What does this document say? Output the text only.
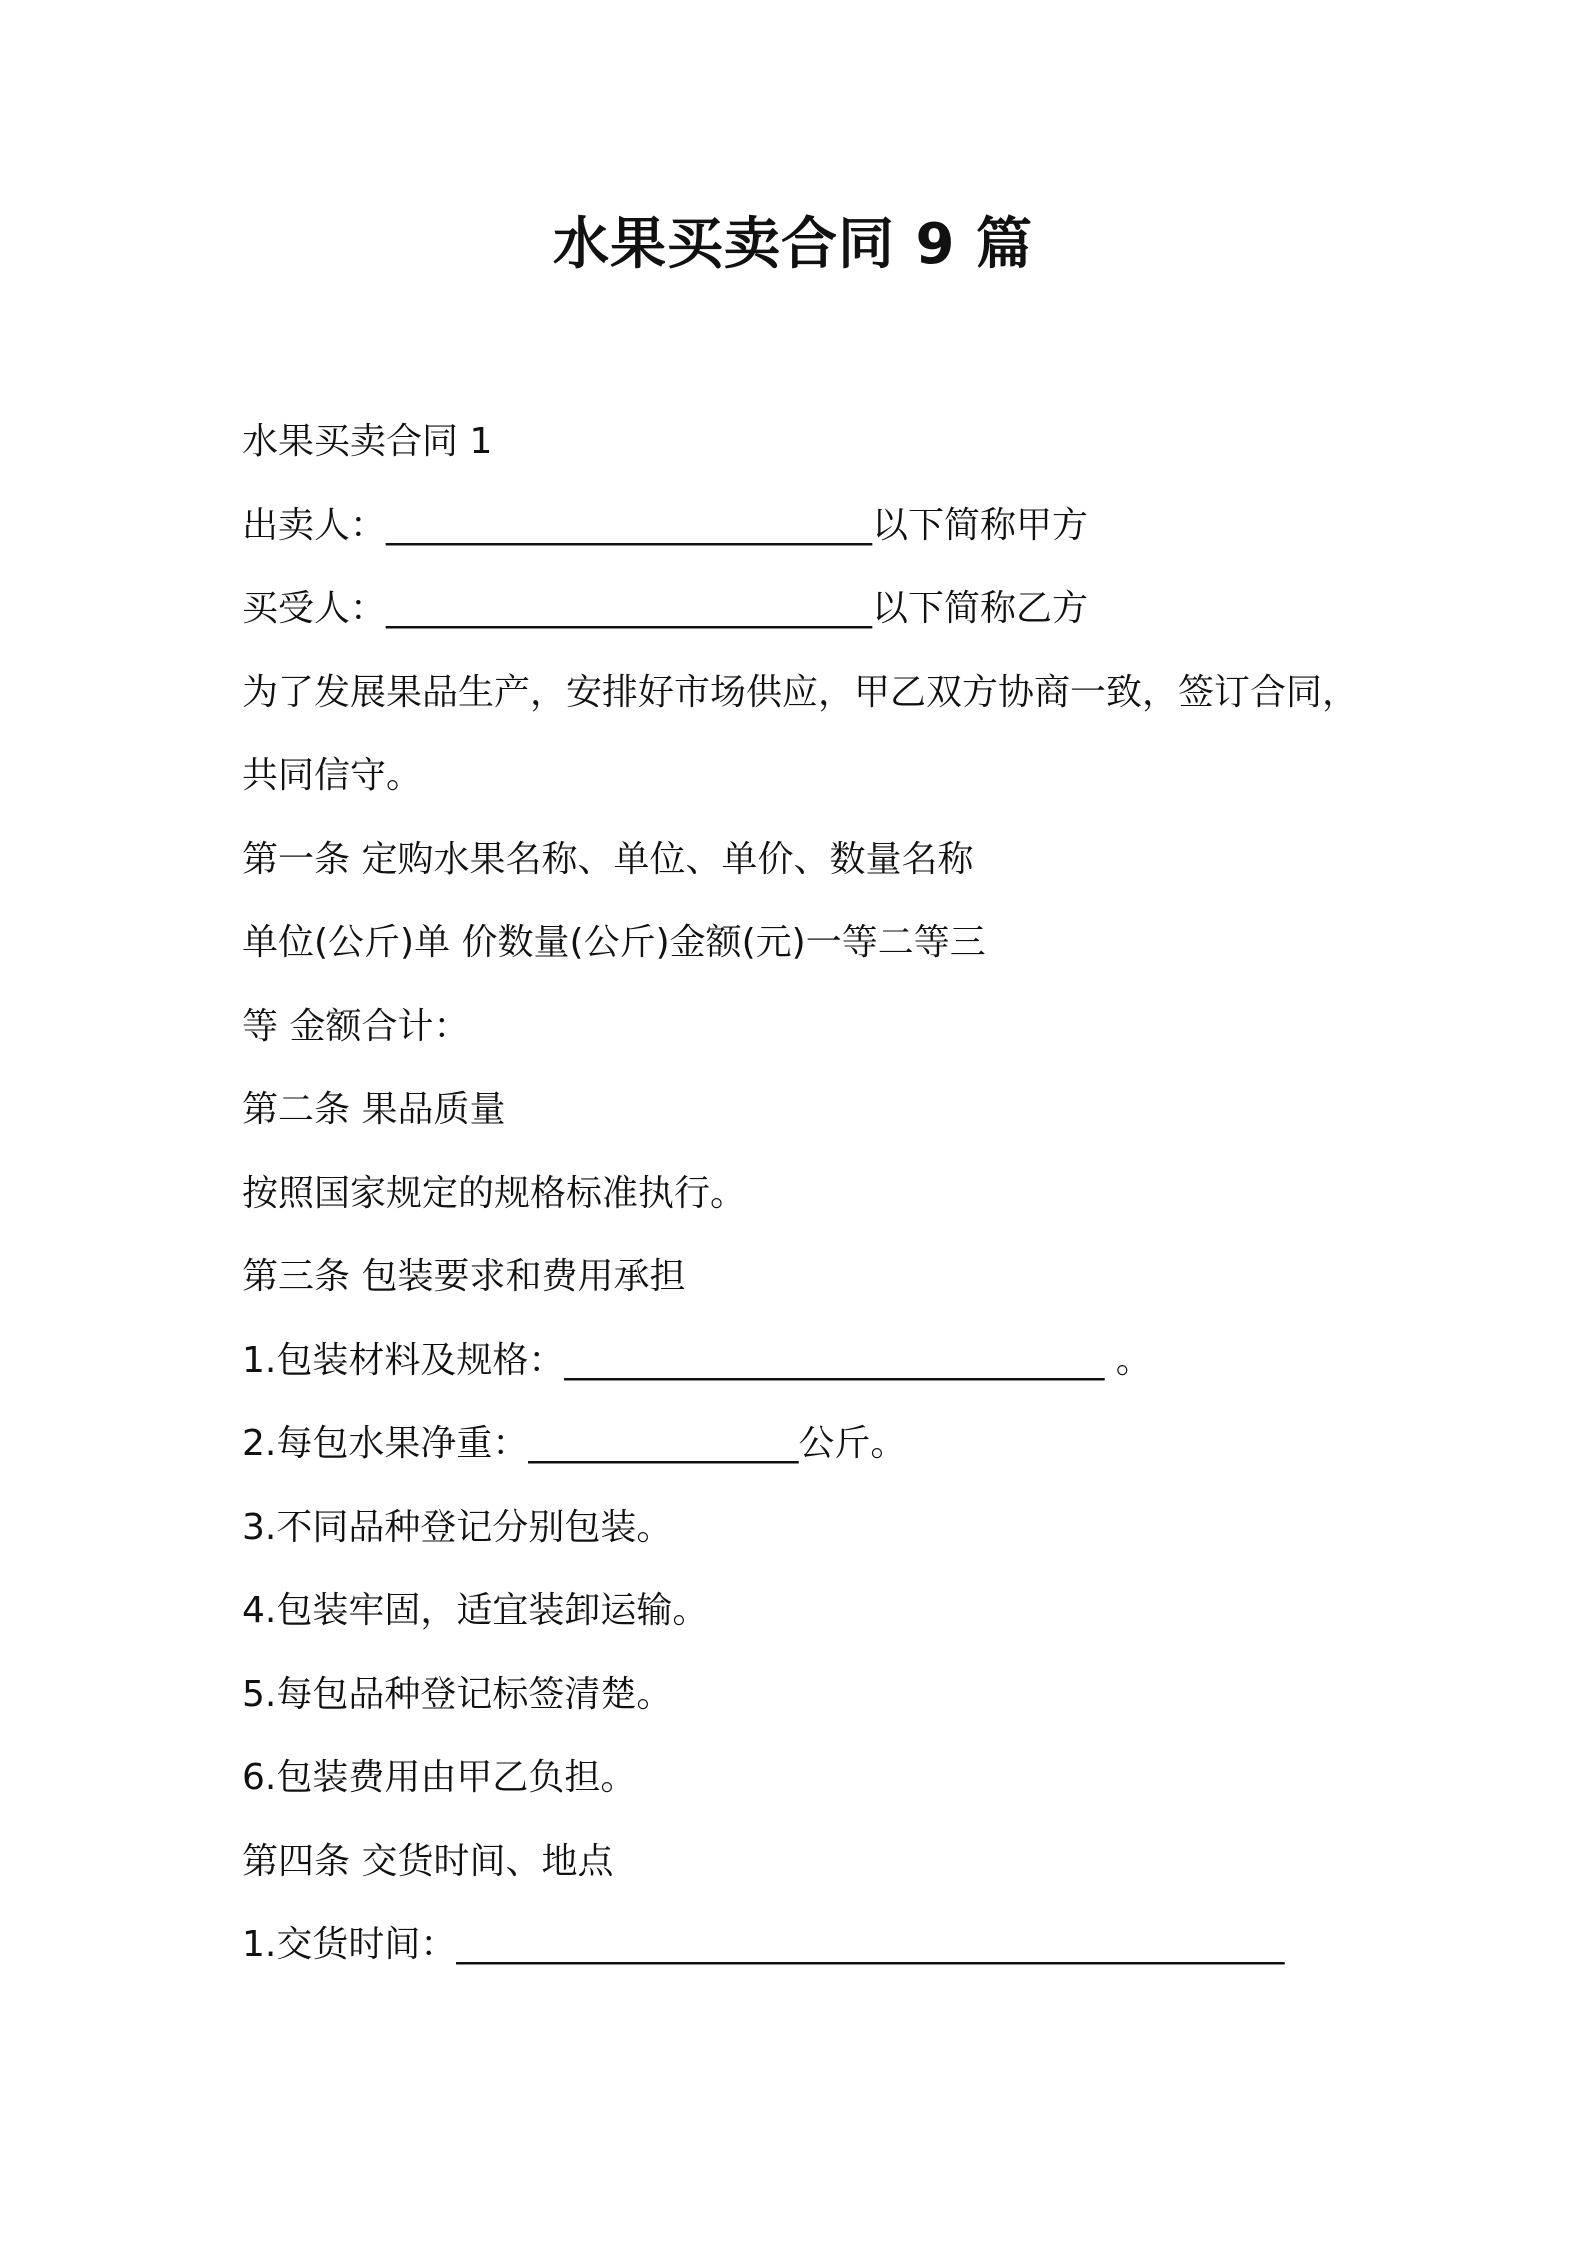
水果买卖合同 9 篇
水果买卖合同 1
出卖人：___________________________以下简称甲方
买受人：___________________________以下简称乙方
为了发展果品生产，安排好市场供应，甲乙双方协商一致，签订合同，
共同信守。
第一条 定购水果名称、单位、单价、数量名称
单位(公斤)单 价数量(公斤)金额(元)一等二等三
等 金额合计：
第二条 果品质量
按照国家规定的规格标准执行。
第三条 包装要求和费用承担
1.包装材料及规格：______________________________ 。
2.每包水果净重：_______________公斤。
3.不同品种登记分别包装。
4.包装牢固，适宜装卸运输。
5.每包品种登记标签清楚。
6.包装费用由甲乙负担。
第四条 交货时间、地点
1.交货时间：______________________________________________
